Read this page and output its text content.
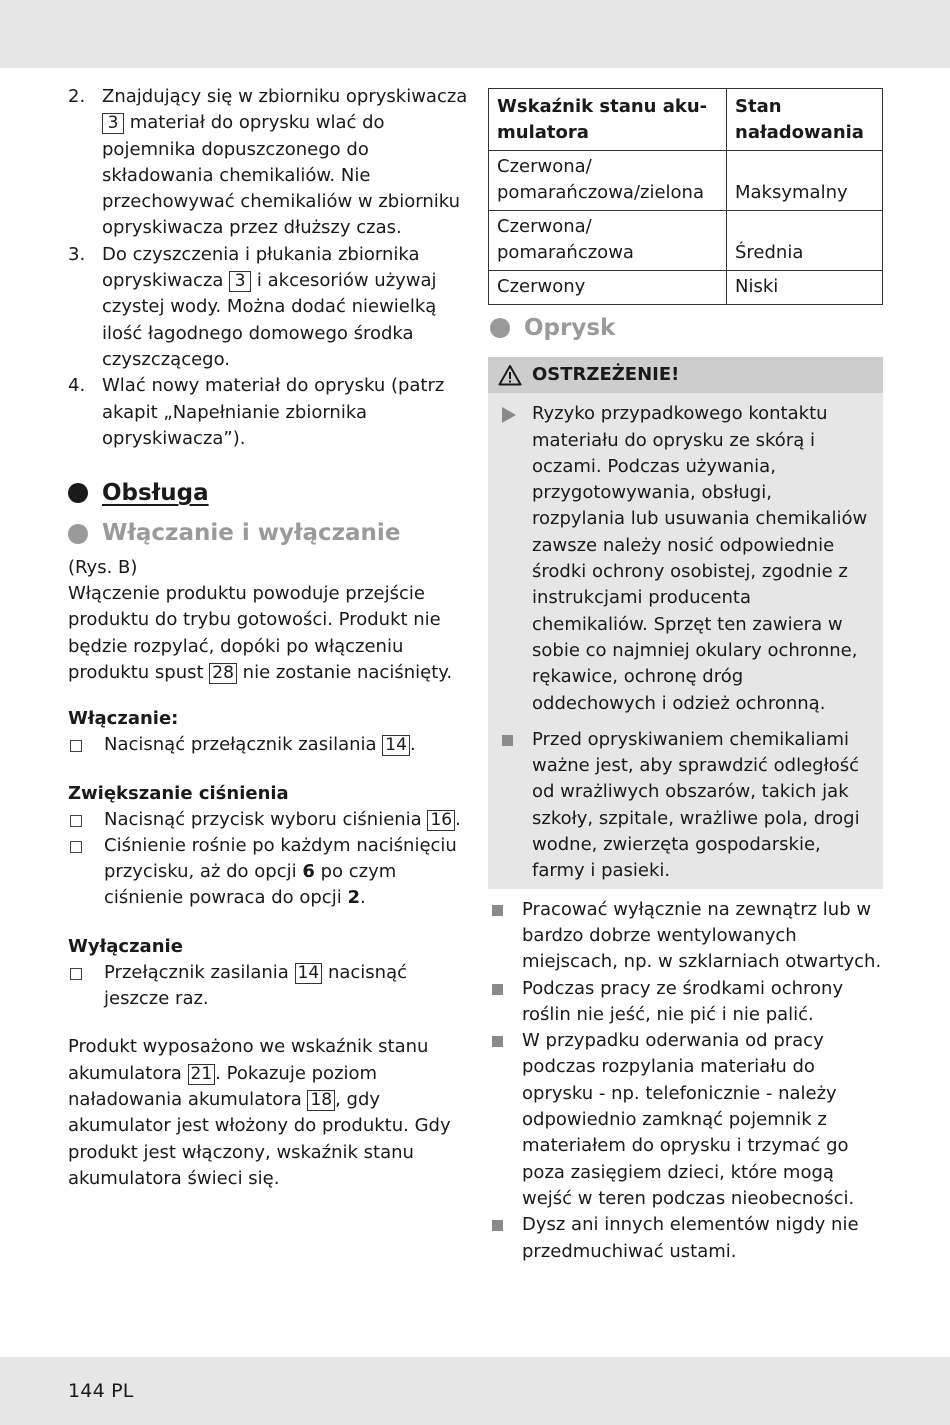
2. Znajdujący się w zbiorniku opryskiwacza
3 materiał do oprysku wlać do pojemnika dopuszczonego do składowania chemikaliów. Nie przechowywać chemikaliów w zbiorniku opryskiwacza przez dłuższy czas.
3. Do czyszczenia i płukania zbiornika opryskiwacza 3 i akcesoriów używaj czystej wody. Można dodać niewielką ilość łagodnego domowego środka czyszczącego.
4. Wlać nowy materiał do oprysku (patrz akapit „Napełnianie zbiornika opryskiwacza”).
Obsługa
Włączanie i wyłączanie
(Rys. B)
Włączenie produktu powoduje przejście produktu do trybu gotowości. Produkt nie będzie rozpylać, dopóki po włączeniu produktu spust 28 nie zostanie naciśnięty.
Włączanie:
Nacisnąć przełącznik zasilania 14 .
Zwiększanie ciśnienia
Nacisnąć przycisk wyboru ciśnienia 16 .
Ciśnienie rośnie po każdym naciśnięciu przycisku, aż do opcji 6 po czym ciśnienie powraca do opcji 2.
Wyłączanie
Przełącznik zasilania 14 nacisnąć jeszcze raz.
Produkt wyposażono we wskaźnik stanu akumulatora 21 . Pokazuje poziom naładowania akumulatora 18 , gdy akumulator jest włożony do produktu. Gdy produkt jest włączony, wskaźnik stanu akumulatora świeci się.
Wskaźnik stanu aku-mulatora	Stan naładowania
Czerwona/ pomarańczowa/zielona	Maksymalny
Czerwona/ pomarańczowa	Średnia
Czerwony	Niski
Oprysk
OSTRZEŻENIE!
Ryzyko przypadkowego kontaktu materiału do oprysku ze skórą i oczami. Podczas używania, przygotowywania, obsługi, rozpylania lub usuwania chemikaliów zawsze należy nosić odpowiednie środki ochrony osobistej, zgodnie z instrukcjami producenta chemikaliów. Sprzęt ten zawiera w sobie co najmniej okulary ochronne, rękawice, ochronę dróg oddechowych i odzież ochronną.
Przed opryskiwaniem chemikaliami ważne jest, aby sprawdzić odległość od wrażliwych obszarów, takich jak szkoły, szpitale, wrażliwe pola, drogi wodne, zwierzęta gospodarskie, farmy i pasieki.
Pracować wyłącznie na zewnątrz lub w bardzo dobrze wentylowanych miejscach, np. w szklarniach otwartych.
Podczas pracy ze środkami ochrony roślin nie jeść, nie pić i nie palić.
W przypadku oderwania od pracy podczas rozpylania materiału do oprysku - np. telefonicznie - należy odpowiednio zamknąć pojemnik z materiałem do oprysku i trzymać go poza zasięgiem dzieci, które mogą wejść w teren podczas nieobecności.
Dysz ani innych elementów nigdy nie przedmuchiwać ustami.
144 PL
